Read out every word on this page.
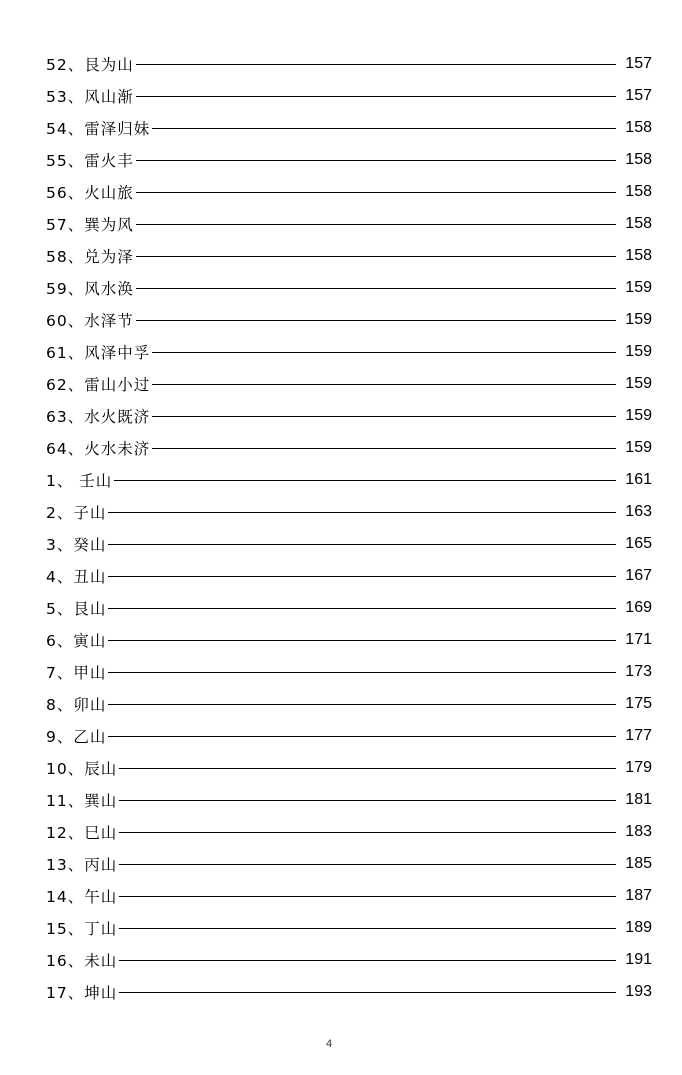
52、艮为山	157
53、风山渐	157
54、雷泽归妹	158
55、雷火丰	158
56、火山旅	158
57、巽为风	158
58、兑为泽	158
59、风水涣	159
60、水泽节	159
61、风泽中孚	159
62、雷山小过	159
63、水火既济	159
64、火水未济	159
1、 壬山	161
2、子山	163
3、癸山	165
4、丑山	167
5、艮山	169
6、寅山	171
7、甲山	173
8、卯山	175
9、乙山	177
10、辰山	179
11、巽山	181
12、巳山	183
13、丙山	185
14、午山	187
15、丁山	189
16、未山	191
17、坤山	193
4
